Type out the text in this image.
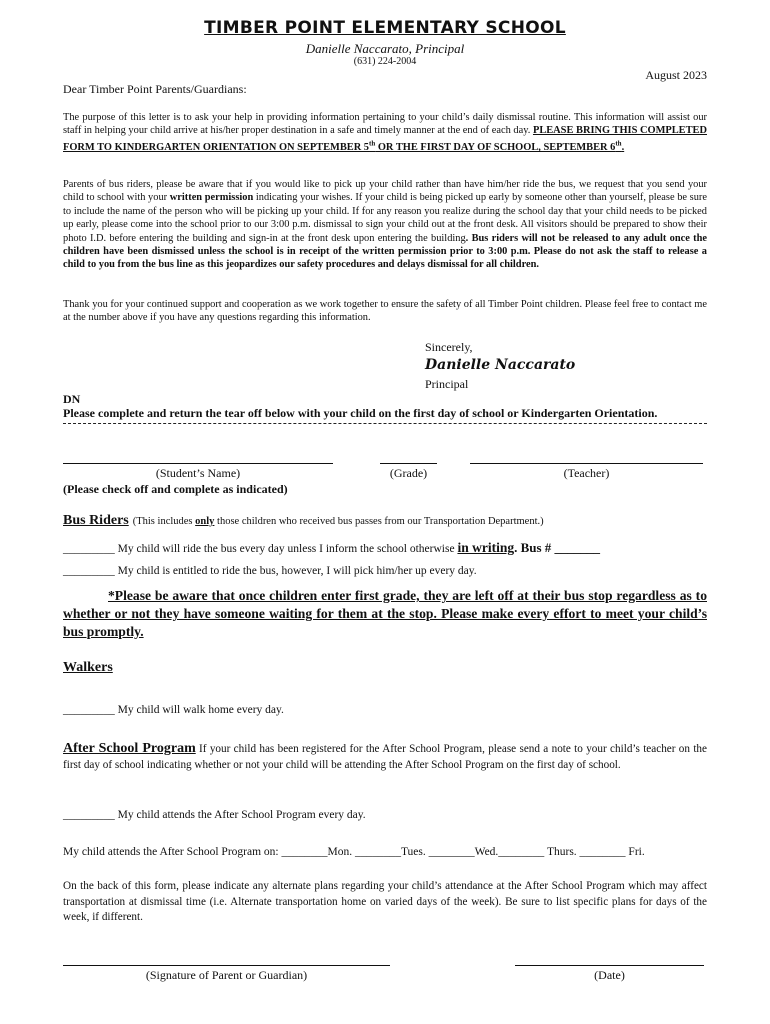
TIMBER POINT ELEMENTARY SCHOOL
Danielle Naccarato, Principal
(631) 224-2004
August 2023
Dear Timber Point Parents/Guardians:
The purpose of this letter is to ask your help in providing information pertaining to your child’s daily dismissal routine. This information will assist our staff in helping your child arrive at his/her proper destination in a safe and timely manner at the end of each day. PLEASE BRING THIS COMPLETED FORM TO KINDERGARTEN ORIENTATION ON SEPTEMBER 5th OR THE FIRST DAY OF SCHOOL, SEPTEMBER 6th.
Parents of bus riders, please be aware that if you would like to pick up your child rather than have him/her ride the bus, we request that you send your child to school with your written permission indicating your wishes. If your child is being picked up early by someone other than yourself, please be sure to include the name of the person who will be picking up your child. If for any reason you realize during the school day that your child needs to be picked up early, please come into the school prior to our 3:00 p.m. dismissal to sign your child out at the front desk. All visitors should be prepared to show their photo I.D. before entering the building and sign-in at the front desk upon entering the building. Bus riders will not be released to any adult once the children have been dismissed unless the school is in receipt of the written permission prior to 3:00 p.m. Please do not ask the staff to release a child to you from the bus line as this jeopardizes our safety procedures and delays dismissal for all children.
Thank you for your continued support and cooperation as we work together to ensure the safety of all Timber Point children. Please feel free to contact me at the number above if you have any questions regarding this information.
Sincerely,
Danielle Naccarato
Principal
DN
Please complete and return the tear off below with your child on the first day of school or Kindergarten Orientation.
(Student’s Name)	(Grade)	(Teacher)
(Please check off and complete as indicated)
Bus Riders (This includes only those children who received bus passes from our Transportation Department.)
_________ My child will ride the bus every day unless I inform the school otherwise in writing. Bus # _______
_________ My child is entitled to ride the bus, however, I will pick him/her up every day.
*Please be aware that once children enter first grade, they are left off at their bus stop regardless as to whether or not they have someone waiting for them at the stop. Please make every effort to meet your child’s bus promptly.
Walkers
_________ My child will walk home every day.
After School Program If your child has been registered for the After School Program, please send a note to your child’s teacher on the first day of school indicating whether or not your child will be attending the After School Program on the first day of school.
_________ My child attends the After School Program every day.
My child attends the After School Program on: ________Mon. ________Tues. ________Wed.________ Thurs. ________ Fri.
On the back of this form, please indicate any alternate plans regarding your child’s attendance at the After School Program which may affect transportation at dismissal time (i.e. Alternate transportation home on varied days of the week). Be sure to list specific plans for days of the week, if different.
(Signature of Parent or Guardian)	(Date)
